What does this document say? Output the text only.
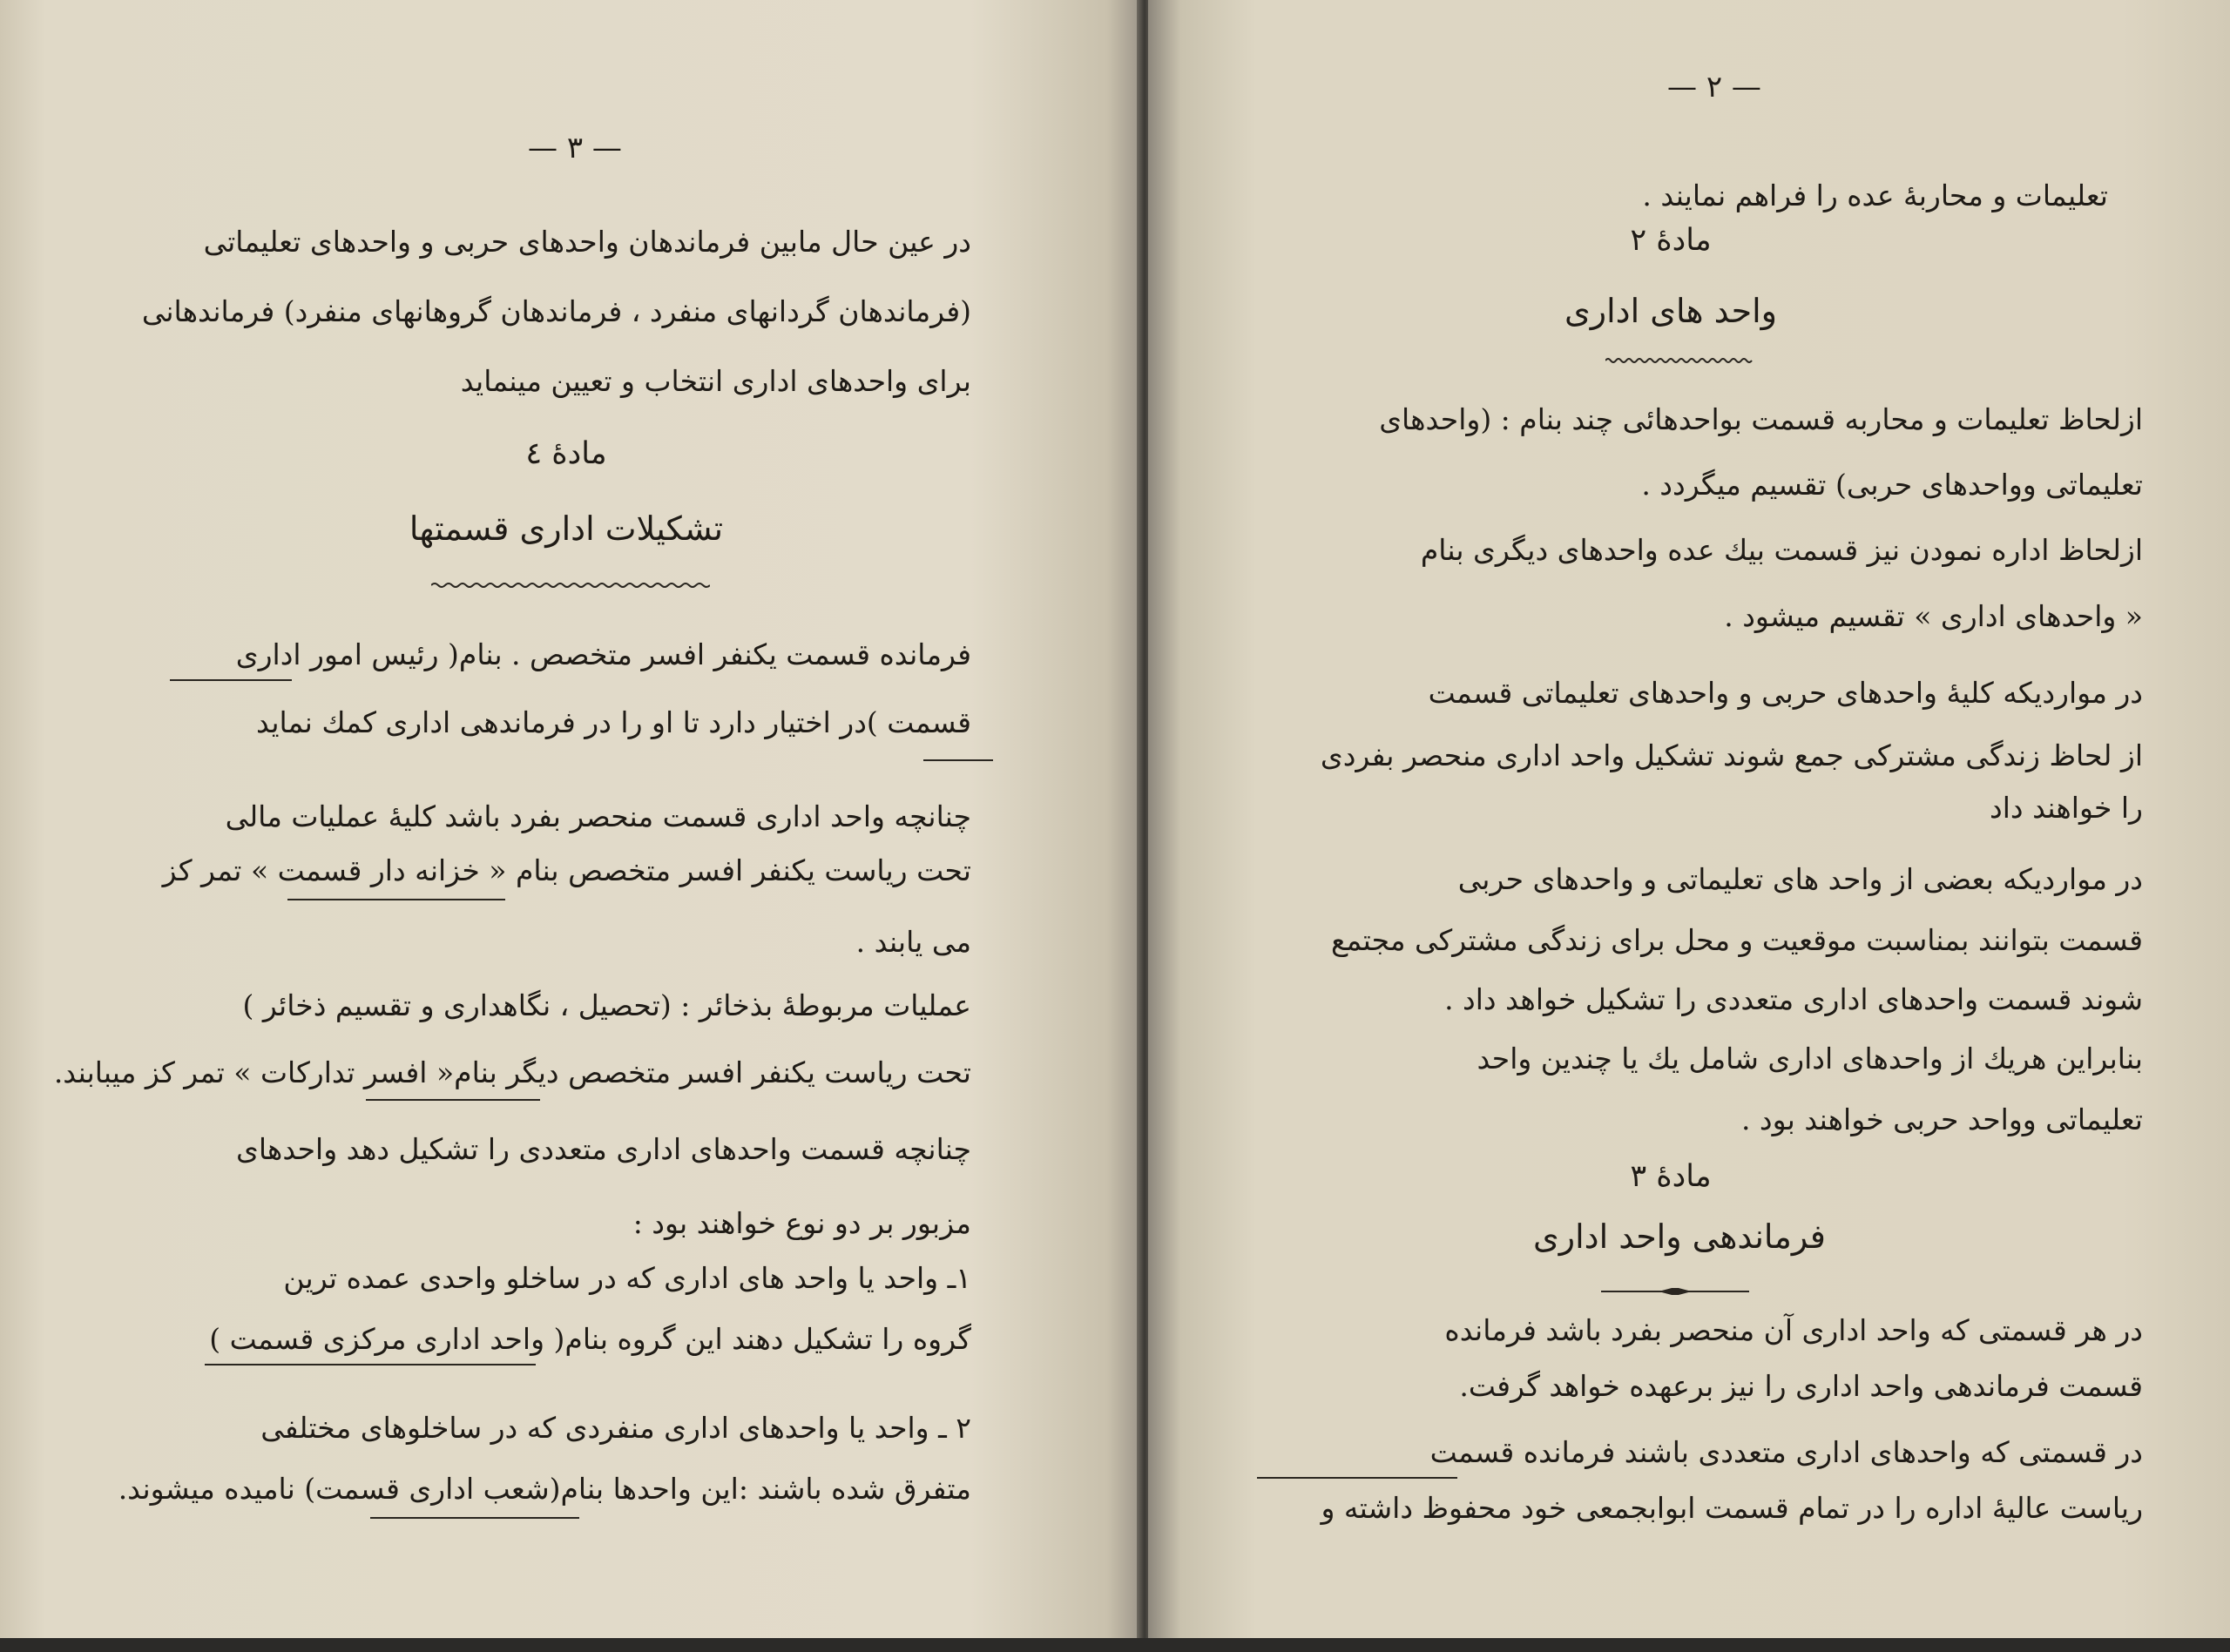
— ٣ —
در عین حال مابین فرماندهان واحدهای حربی و واحدهای تعلیماتی
(فرماندهان گردانهای منفرد ، فرماندهان گروهانهای منفرد) فرماندهانی
برای واحدهای اداری انتخاب و تعیین مینماید
مادهٔ ٤
تشکیلات اداری قسمتها
فرمانده قسمت یکنفر افسر متخصص . بنام( رئیس امور اداری
قسمت )در اختیار دارد تا او را در فرماندهی اداری کمك نماید
چنانچه واحد اداری قسمت منحصر بفرد باشد کلیهٔ عملیات مالی
تحت ریاست یکنفر افسر متخصص بنام « خزانه دار قسمت » تمر کز
می یابند .
عملیات مربوطهٔ بذخائر : (تحصیل ، نگاهداری و تقسیم ذخائر )
تحت ریاست یکنفر افسر متخصص دیگر بنام« افسر تدارکات » تمر کز میبابند.
چنانچه قسمت واحدهای اداری متعددی را تشکیل دهد واحدهای
مزبور بر دو نوع خواهند بود :
١ـ واحد یا واحد های اداری که در ساخلو واحدی عمده ترین
گروه را تشکیل دهند این گروه بنام( واحد اداری مرکزی قسمت )
٢ ـ واحد یا واحدهای اداری منفردی که در ساخلوهای مختلفی
متفرق شده باشند :این واحدها بنام(شعب اداری قسمت) نامیده میشوند.
— ٢ —
تعلیمات و محاربهٔ عده را فراهم نمایند .
مادهٔ ٢
واحد های اداری
ازلحاظ تعلیمات و محاربه قسمت بواحدهائی چند بنام : (واحدهای
تعلیماتی وواحدهای حربی) تقسیم میگردد .
ازلحاظ اداره نمودن نیز قسمت بیك عده واحدهای دیگری بنام
« واحدهای اداری » تقسیم میشود .
در مواردیکه کلیهٔ واحدهای حربی و واحدهای تعلیماتی قسمت
از لحاظ زندگی مشترکی جمع شوند تشکیل واحد اداری منحصر بفردی
را خواهند داد
در مواردیکه بعضی از واحد های تعلیماتی و واحدهای حربی
قسمت بتوانند بمناسبت موقعیت و محل برای زندگی مشترکی مجتمع
شوند قسمت واحدهای اداری متعددی را تشکیل خواهد داد .
بنابراین هریك از واحدهای اداری شامل یك یا چندین واحد
تعلیماتی وواحد حربی خواهند بود .
مادهٔ ٣
فرماندهی واحد اداری
در هر قسمتی که واحد اداری آن منحصر بفرد باشد فرمانده
قسمت فرماندهی واحد اداری را نیز برعهده خواهد گرفت.
در قسمتی که واحدهای اداری متعددی باشند فرمانده قسمت
ریاست عالیهٔ اداره را در تمام قسمت ابوابجمعی خود محفوظ داشته و
